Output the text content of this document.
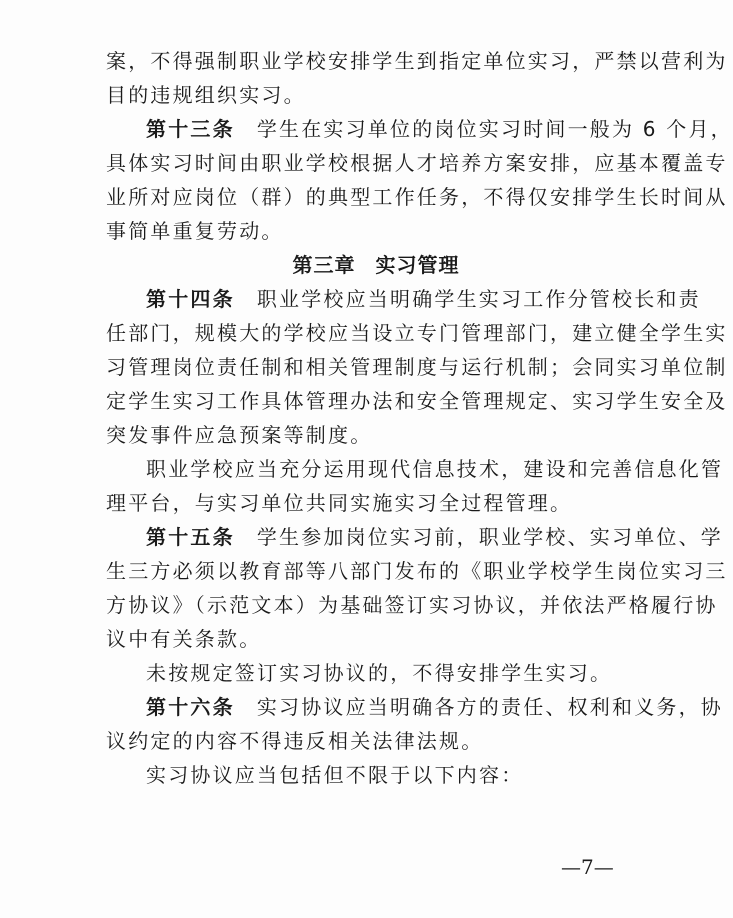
案，不得强制职业学校安排学生到指定单位实习，严禁以营利为
目的违规组织实习。
第十三条 学生在实习单位的岗位实习时间一般为 6 个月，
具体实习时间由职业学校根据人才培养方案安排，应基本覆盖专
业所对应岗位（群）的典型工作任务，不得仅安排学生长时间从
事简单重复劳动。
第三章 实习管理
第十四条 职业学校应当明确学生实习工作分管校长和责
任部门，规模大的学校应当设立专门管理部门，建立健全学生实
习管理岗位责任制和相关管理制度与运行机制；会同实习单位制
定学生实习工作具体管理办法和安全管理规定、实习学生安全及
突发事件应急预案等制度。
职业学校应当充分运用现代信息技术，建设和完善信息化管
理平台，与实习单位共同实施实习全过程管理。
第十五条 学生参加岗位实习前，职业学校、实习单位、学
生三方必须以教育部等八部门发布的《职业学校学生岗位实习三
方协议》（示范文本）为基础签订实习协议，并依法严格履行协
议中有关条款。
未按规定签订实习协议的，不得安排学生实习。
第十六条 实习协议应当明确各方的责任、权利和义务，协
议约定的内容不得违反相关法律法规。
实习协议应当包括但不限于以下内容：
—7—
